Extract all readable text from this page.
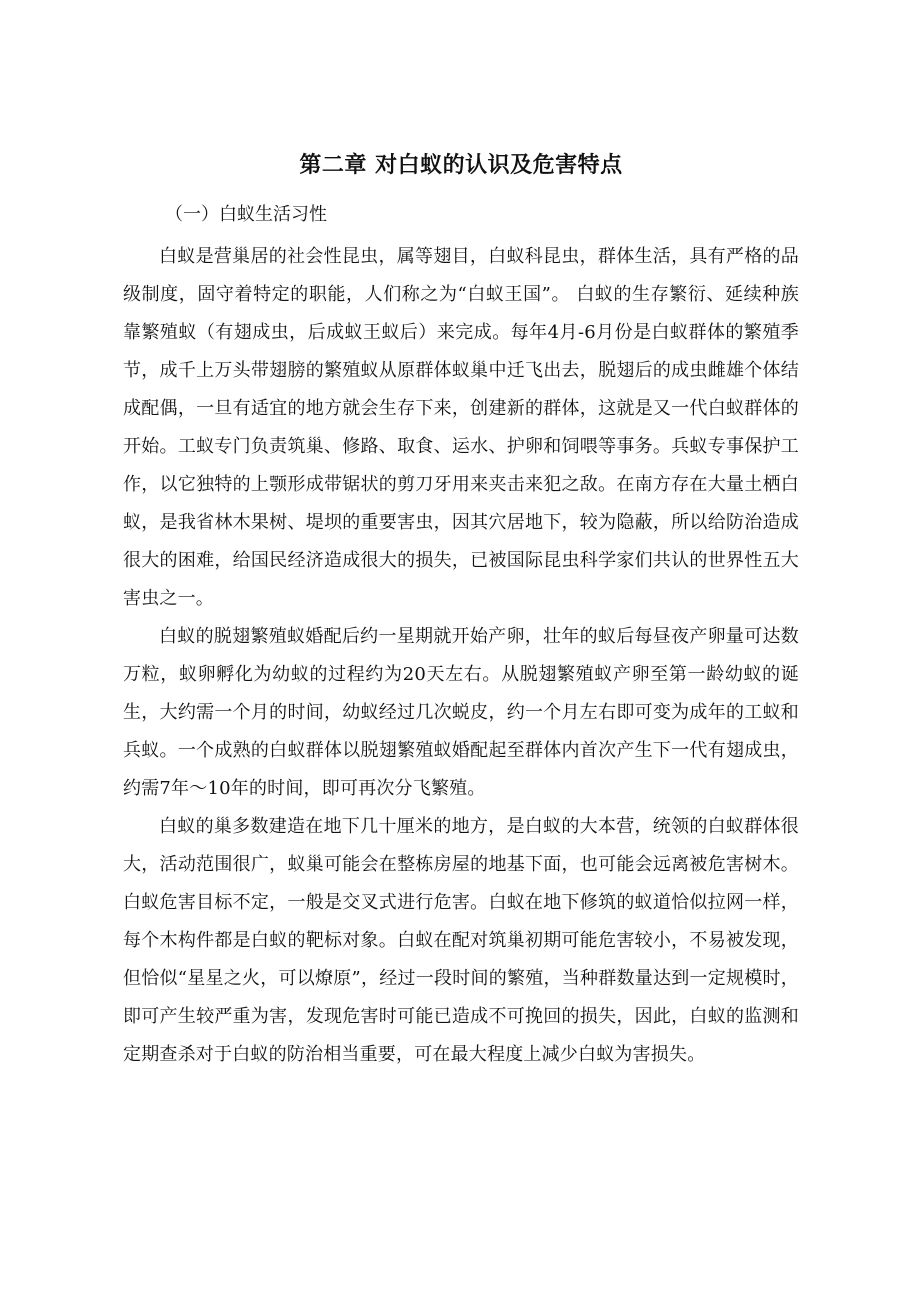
第二章 对白蚁的认识及危害特点

（一）白蚁生活习性

白蚁是营巢居的社会性昆虫，属等翅目，白蚁科昆虫，群体生活，具有严格的品级制度，固守着特定的职能，人们称之为“白蚁王国”。 白蚁的生存繁衍、延续种族靠繁殖蚁（有翅成虫，后成蚁王蚁后）来完成。每年4月-6月份是白蚁群体的繁殖季节，成千上万头带翅膀的繁殖蚁从原群体蚁巢中迁飞出去，脱翅后的成虫雌雄个体结成配偶，一旦有适宜的地方就会生存下来，创建新的群体，这就是又一代白蚁群体的开始。工蚁专门负责筑巢、修路、取食、运水、护卵和饲喂等事务。兵蚁专事保护工作，以它独特的上颚形成带锯状的剪刀牙用来夹击来犯之敌。在南方存在大量土栖白蚁，是我省林木果树、堤坝的重要害虫，因其穴居地下，较为隐蔽，所以给防治造成很大的困难，给国民经济造成很大的损失，已被国际昆虫科学家们共认的世界性五大害虫之一。

白蚁的脱翅繁殖蚁婚配后约一星期就开始产卵，壮年的蚁后每昼夜产卵量可达数万粒，蚁卵孵化为幼蚁的过程约为20天左右。从脱翅繁殖蚁产卵至第一龄幼蚁的诞生，大约需一个月的时间，幼蚁经过几次蜕皮，约一个月左右即可变为成年的工蚁和兵蚁。一个成熟的白蚁群体以脱翅繁殖蚁婚配起至群体内首次产生下一代有翅成虫，约需7年～10年的时间，即可再次分飞繁殖。

白蚁的巢多数建造在地下几十厘米的地方，是白蚁的大本营，统领的白蚁群体很大，活动范围很广，蚁巢可能会在整栋房屋的地基下面，也可能会远离被危害树木。白蚁危害目标不定，一般是交叉式进行危害。白蚁在地下修筑的蚁道恰似拉网一样，每个木构件都是白蚁的靶标对象。白蚁在配对筑巢初期可能危害较小，不易被发现，但恰似“星星之火，可以燎原”，经过一段时间的繁殖，当种群数量达到一定规模时，即可产生较严重为害，发现危害时可能已造成不可挽回的损失，因此，白蚁的监测和定期查杀对于白蚁的防治相当重要，可在最大程度上减少白蚁为害损失。
